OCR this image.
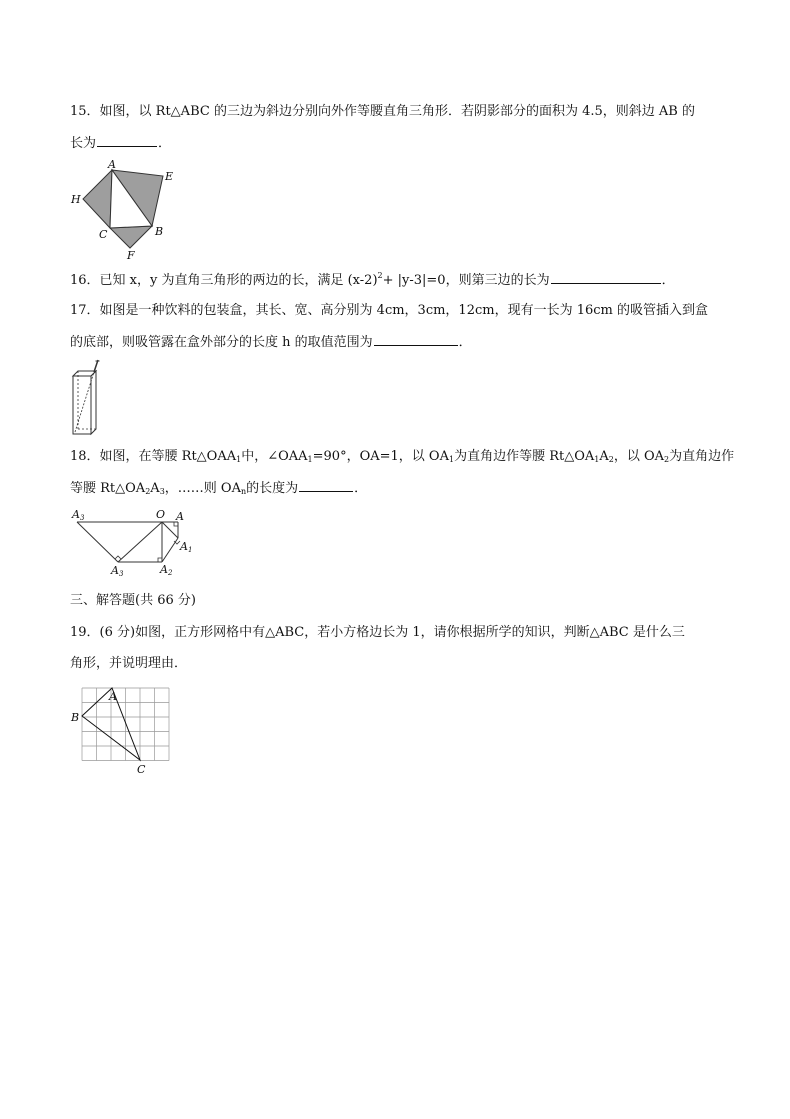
15．如图，以 Rt△ABC 的三边为斜边分别向外作等腰直角三角形．若阴影部分的面积为 4.5，则斜边 AB 的
长为	．
A
B
C
E
F
H
16．已知 x，y 为直角三角形的两边的长，满足 $(x-2)^2+ |y-3|=0$，则第三边的长为	．
17．如图是一种饮料的包装盒，其长、宽、高分别为 4cm，3cm，12cm，现有一长为 16cm 的吸管插入到盒
的底部，则吸管露在盒外部分的长度 h 的取值范围为	．
18．如图，在等腰 $Rt\triangle OAA_1$中，$\angle OAA_1=90^\circ$，OA=1，以 $OA_1$为直角边作等腰 $Rt\triangle OA_1A_2$，以 $OA_2$为直角边作
等腰 $Rt\triangle OA_2A_3$，……则 $OA_n$的长度为	．
A3	O A
A1
A2
A3
三、解答题(共 66 分)
19．(6 分)如图，正方形网格中有△ABC，若小方格边长为 1，请你根据所学的知识，判断△ABC 是什么三
角形，并说明理由．
A
B
C
